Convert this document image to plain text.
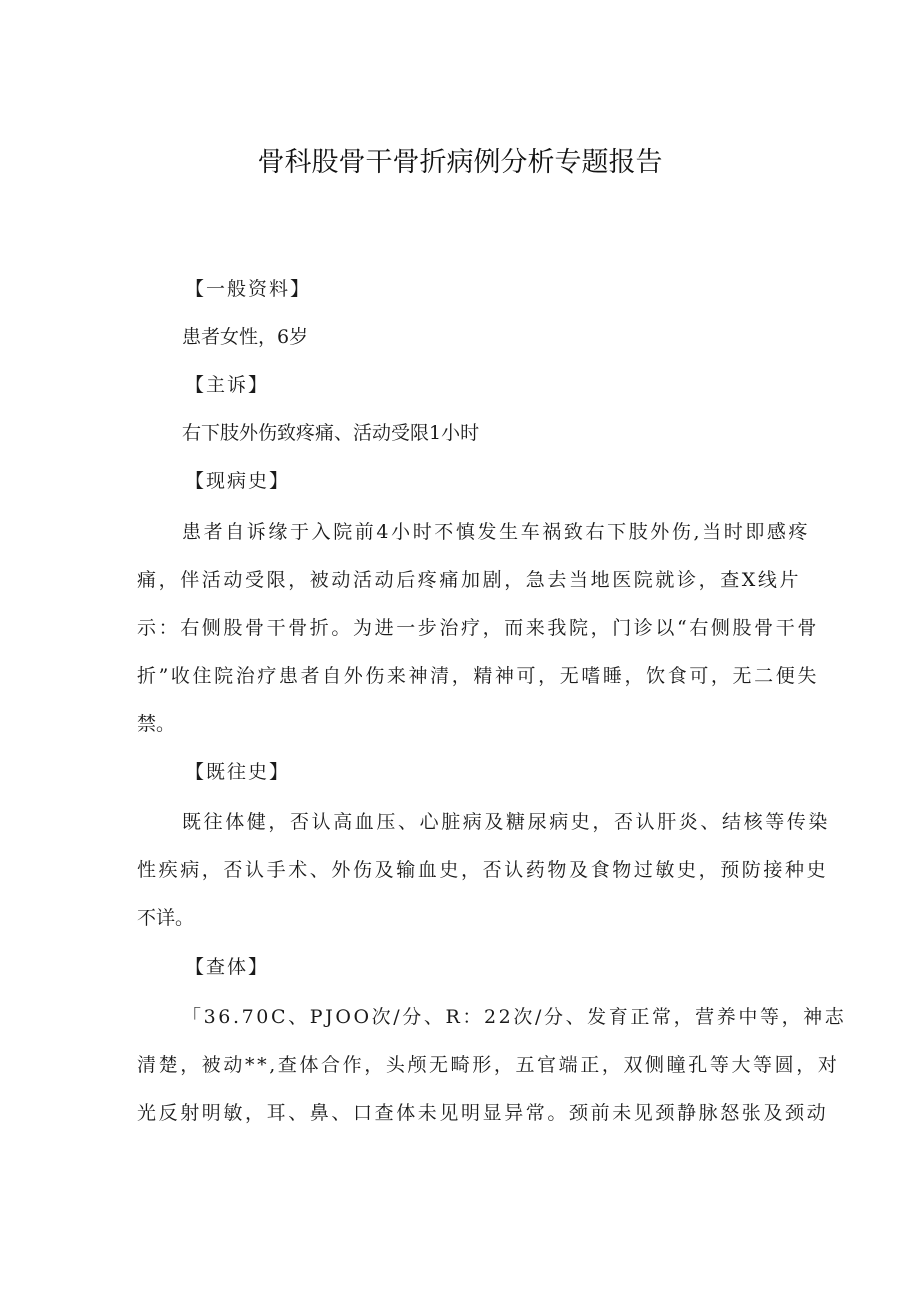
骨科股骨干骨折病例分析专题报告

【一般资料】

患者女性，6岁

【主诉】

右下肢外伤致疼痛、活动受限1小时

【现病史】

患者自诉缘于入院前4小时不慎发生车祸致右下肢外伤,当时即感疼

痛，伴活动受限，被动活动后疼痛加剧，急去当地医院就诊，查X线片

示：右侧股骨干骨折。为进一步治疗，而来我院，门诊以“右侧股骨干骨

折”收住院治疗患者自外伤来神清，精神可，无嗜睡，饮食可，无二便失

禁。

【既往史】

既往体健，否认高血压、心脏病及糖尿病史，否认肝炎、结核等传染

性疾病，否认手术、外伤及输血史，否认药物及食物过敏史，预防接种史

不详。

【查体】

「36.70C、PJOO次/分、R：22次/分、发育正常，营养中等，神志

清楚，被动**,查体合作，头颅无畸形，五官端正，双侧瞳孔等大等圆，对

光反射明敏，耳、鼻、口查体未见明显异常。颈前未见颈静脉怒张及颈动
